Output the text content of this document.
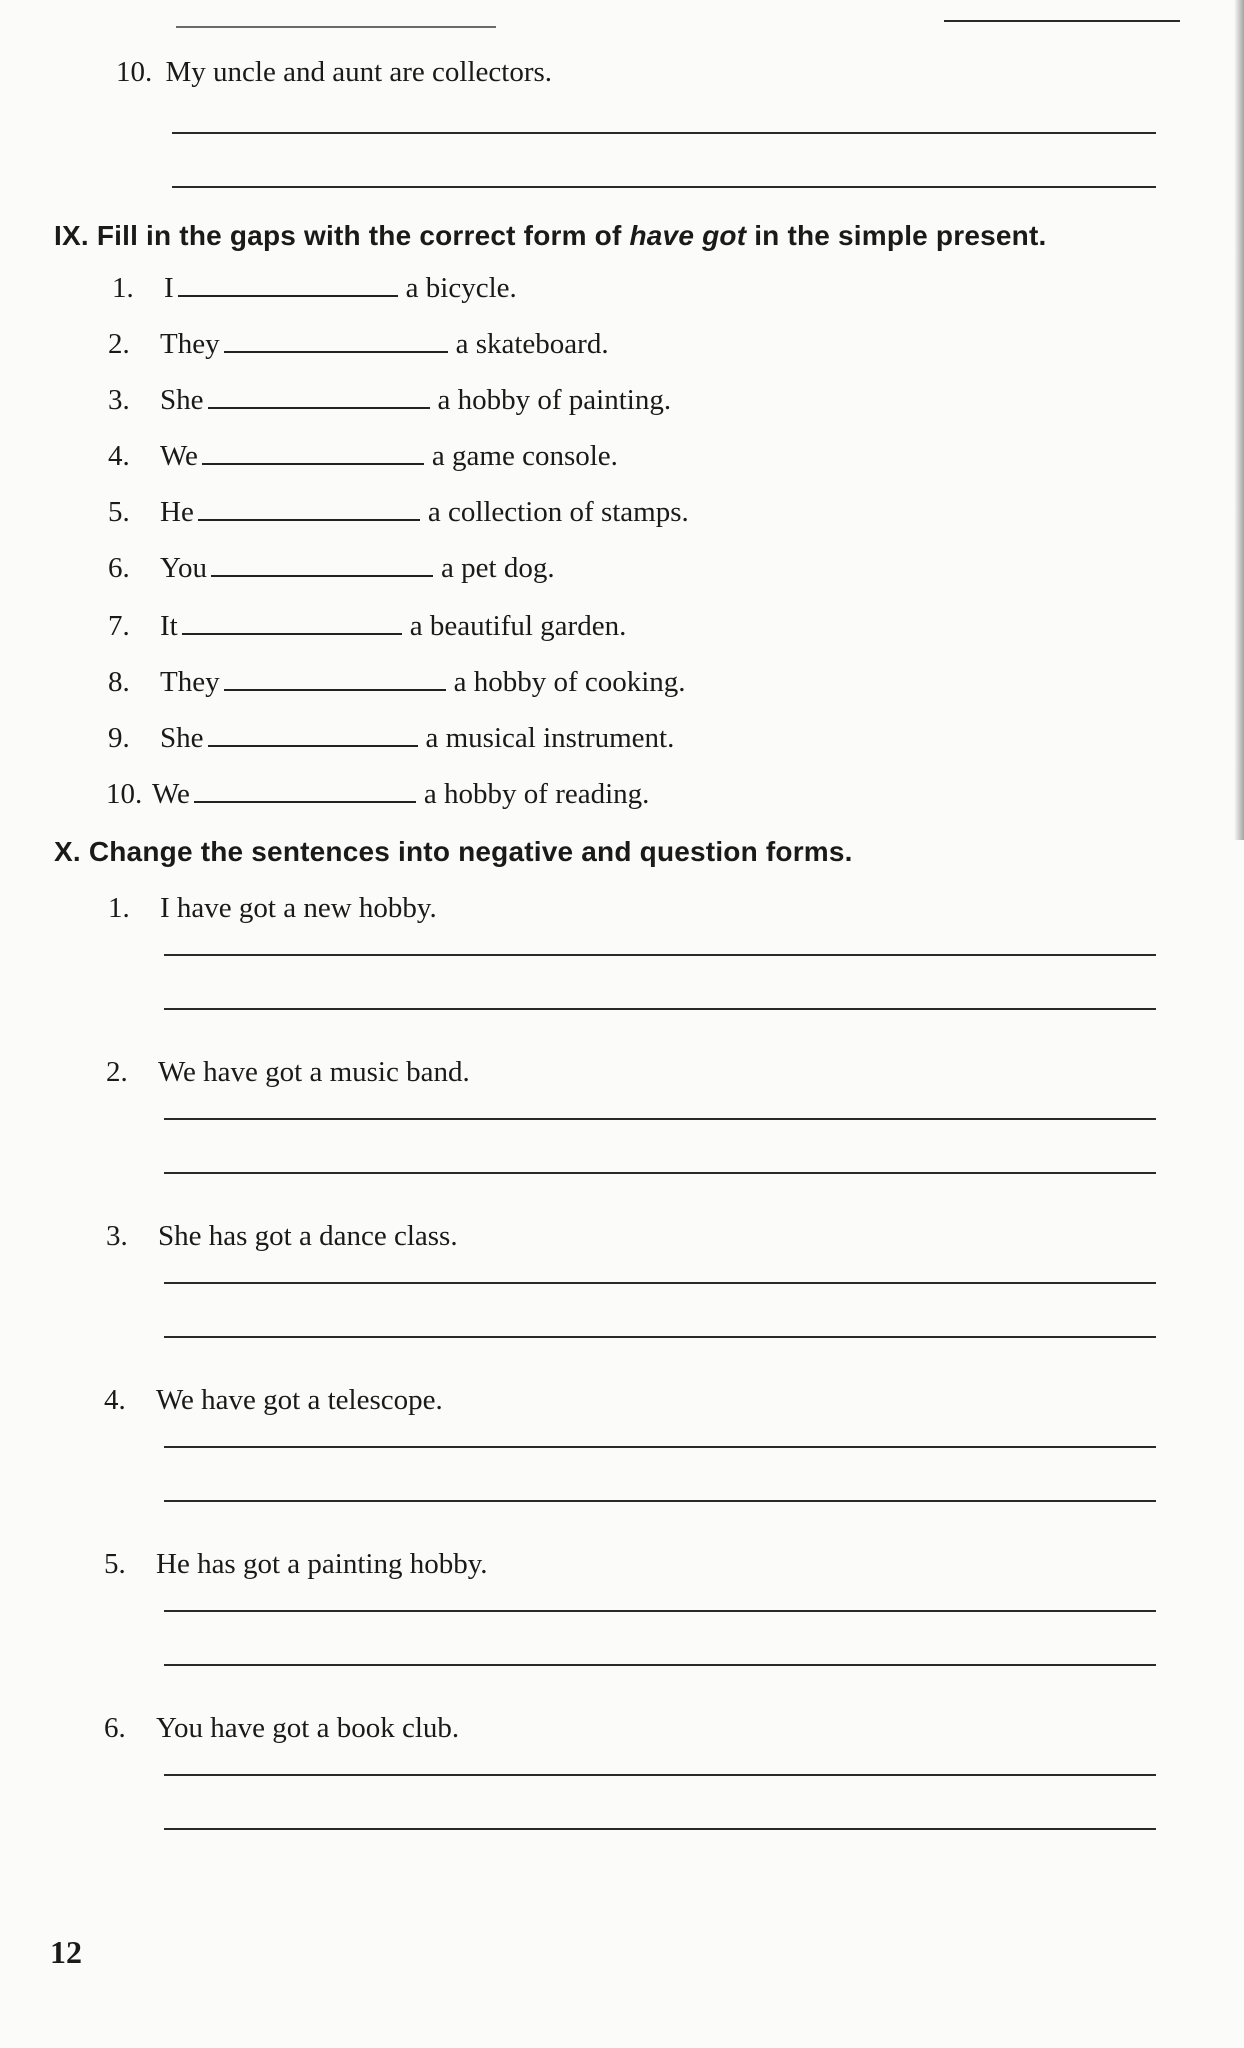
10. My uncle and aunt are collectors.
IX. Fill in the gaps with the correct form of have got in the simple present.
1.	I	a bicycle.
2.	They	a skateboard.
3.	She	a hobby of painting.
4.	We	a game console.
5.	He	a collection of stamps.
6.	You	a pet dog.
7.	It	a beautiful garden.
8.	They	a hobby of cooking.
9.	She	a musical instrument.
10. We	a hobby of reading.
X. Change the sentences into negative and question forms.
1. I have got a new hobby.
2. We have got a music band.
3. She has got a dance class.
4. We have got a telescope.
5. He has got a painting hobby.
6. You have got a book club.
12
